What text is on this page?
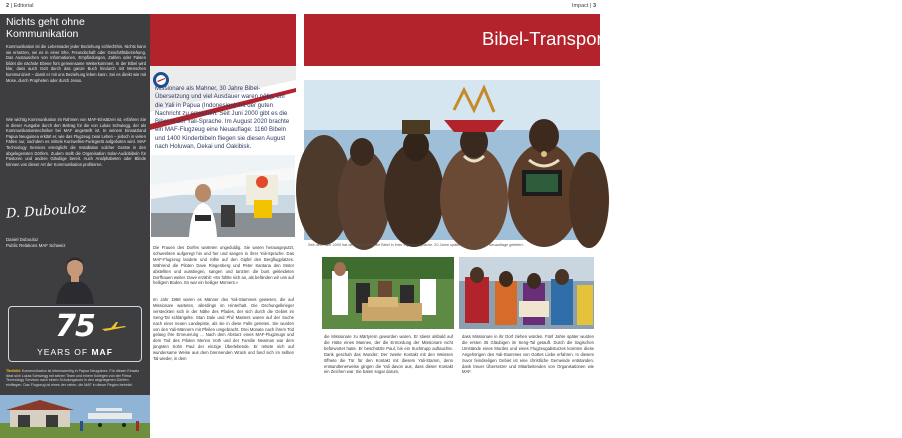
2 | Editorial
Nichts geht ohne Kommunikation

Kommunikation ist die Lebensader jeder Beziehung schlechthin. Nichts kann sie ersetzen, sei es in einer Ehe, Freundschaft oder Geschäftsbeziehung. Das Austauschen von Informationen, Empfindungen, Zahlen oder Fakten bildet die nächste Ebene fürs gemeinsame Weiterkommen. In der Bibel wird klar, dass auch Gott durch das ganze Buch hindurch mit Menschen kommuniziert – damit er mit uns Beziehung leben kann. Sei es direkt wie mit Mose, durch Propheten oder durch Jesus.

Wie wichtig Kommunikation im Rahmen von MAF-Einsätzen ist, erfahren Sie in dieser Ausgabe durch den Beitrag für die von Lukas Schwiegg, der als Kommunikationstechniker bei MAF angestellt ist. In seinem Einsatzland Papua Neuguinea erklärt er, wie das Flugzeug zwar Leben – jedoch in vielen Fällen nur, nachdem es mittels Kurzwellen-Funkgerät aufgeboten wird. MAF Technology Services ermöglicht die Installation solcher Geräte in den abgelegensten Dörfern. Zudem stellt die Organisation Solar-Audiobibeln für Pastoren und andere Gläubige bereit. Auch Analphabeten oder Blinde können von dieser Art der Kommunikation profitieren.

D. Dubouloz
Daniel Dubouloz
Public Relations MAF Schweiz
75
YEARS OF MAF

Titelbild: Kommunikation ist lebenswichtig in Papua Neuguinea. Für diesen Einsatz lässt sich Lukas Schwiegg mit seinen Team und einem Kollegen von der Firma Technology Services nach einem Schulungskurs in den abgelegenen Dörfern einfliegen. Das Flugzeug ist eines der vielen, die MAF in dieser Region betreibt.

Missionare als Mahner, 30 Jahre Bibel-Übersetzung und viel Ausdauer waren nötig, um die Yali in Papua (Indonesien) mit der guten Nachricht zu erreichen. Seit Juni 2000 gibt es die Bibel in der Yali-Sprache. Im August 2020 brachte ein MAF-Flugzeug eine Neuauflage: 1160 Bibeln und 1400 Kinderbibeln fliegen sie diesen August nach Holuwan, Dekai und Oakibisk.

Die Frauen des Dorfes warteten ungeduldig. Sie waren herausgeputzt, schwenkten aufgeregt hin und her und sangen in ihrer Yali-Sprache. Das MAF-Flugzeug landete und rollte auf den Gipfel des Bergflugplatzes. Während die Piloten Dave Ringenberg und Peter Santana den Motor abstellten und ausstiegen, sangen und tanzten die bunt gekleideten Dorffrauen weiter. Dave erzählt: «Es fühlte sich an, als befänden wir uns auf heiligem Boden. Es war ein heiliger Moment.»

Im Jahr 1968 waren es Männer des Yali-Stammes gewesen, die auf Missionare warteten, allerdings im Hinterhalt. Die Dschungelkrieger versteckten sich in der Nähe des Pfades, der sich durch die Gebiet im Seng-Tal schlängelte. Stan Dale und Phil Masters waren auf der Suche nach einer neuen Landepiste, als sie in diese Falle gerieten. Sie wurden von den Yali-Männern mit Pfeilen umgebracht. Drei Monate nach ihrem Tod gelang ihre Erneuerung ... Nach dem Absturz eines MAF-Flugzeugs und dem Tod des Piloten Menno Voth und der Familie Newman war dem jüngsten Sohn Paul der einzige Überlebende. Er rettete sich auf wundersame Weise aus dem brennenden Wrack und fand sich im selben Tal wieder, in dem

Impact | 3
Bibel-Transport nach Holuwan, Indonesien

Seit dem Jahr 2000 hat der Yali-Stamm die Bibel in ihrer eigenen Sprache. 20 Jahre später wurde nun eine Neuauflage geliefert.

die Missionare zu Märtyrern geworden waren. Er stiess alsbald auf die Hütte eines Mannes, der die Ermordung der Missionare nicht befürwortet hatte. Er beschützte Paul, bis ein Suchtrupp auftauchte. Dank geschah das Wunder: Der zweite Kontakt mit den Weissen öffnete die Tür für den Kontakt mit diesem Yali-Stamm, denn entsandtenerweise gingen die Yali davon aus, dass dieser Kontakt ein Zeichen war. Sie baten sogar darum,

dass Missionare in ihr Dorf ziehen würden. Fünf Jahre später wurden die ersten 35 Gläubigen im Seng-Tal getauft. Durch die tragischen Umstände eines Mordes und eines Flugzeugabsturzes konnten diese Angehörigen des Yali-Stammes von Gottes Liebe erfahren. In diesem zuvor feindseligen Gebiet ist eine christliche Gemeinde entstanden, dank treuer Übersetzer und Mitarbeitenden von Organisationen wie MAF.
